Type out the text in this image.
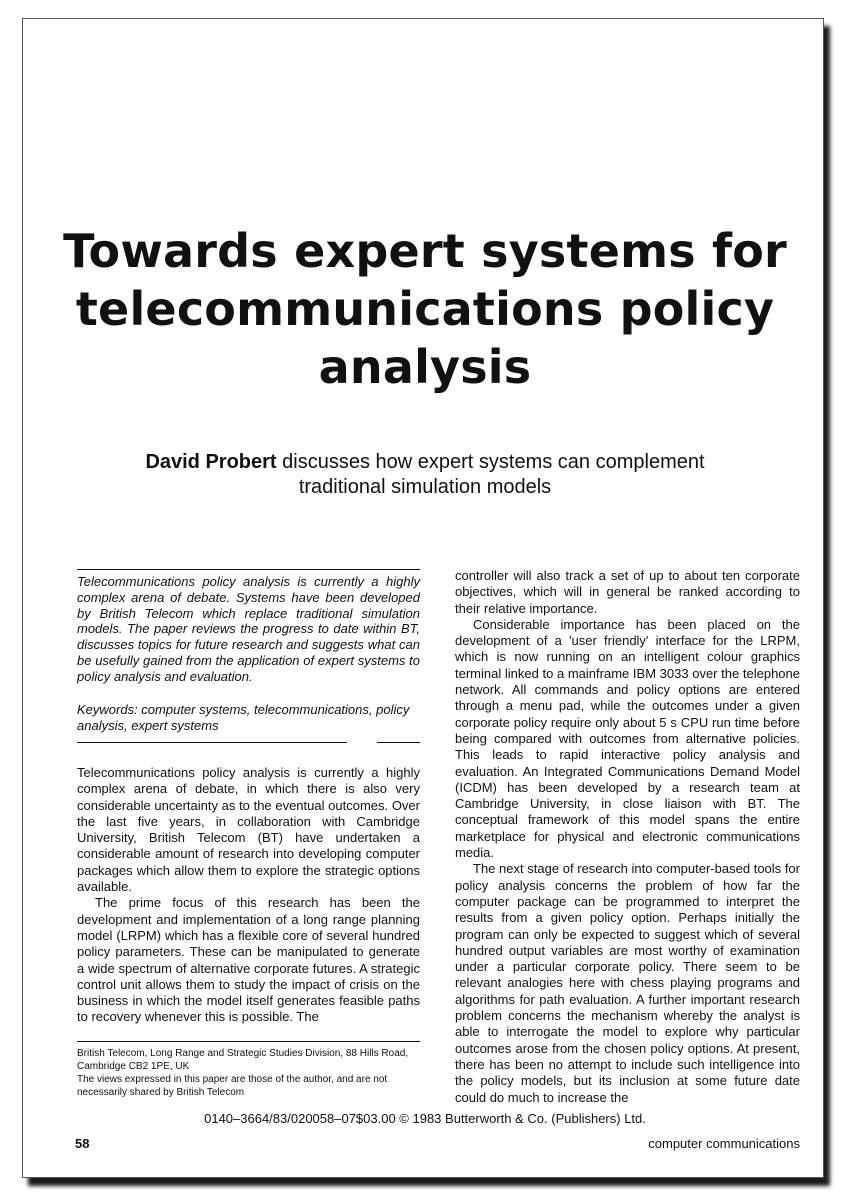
Towards expert systems for
telecommunications policy
analysis
David Probert discusses how expert systems can complement
traditional simulation models
Telecommunications policy analysis is currently a highly complex arena of debate. Systems have been developed by British Telecom which replace traditional simulation models. The paper reviews the progress to date within BT, discusses topics for future research and suggests what can be usefully gained from the application of expert systems to policy analysis and evaluation.
Keywords: computer systems, telecommunications, policy analysis, expert systems

Telecommunications policy analysis is currently a highly complex arena of debate, in which there is also very considerable uncertainty as to the eventual outcomes. Over the last five years, in collaboration with Cambridge University, British Telecom (BT) have undertaken a considerable amount of research into developing computer packages which allow them to explore the strategic options available.

The prime focus of this research has been the development and implementation of a long range planning model (LRPM) which has a flexible core of several hundred policy parameters. These can be manipulated to generate a wide spectrum of alternative corporate futures. A strategic control unit allows them to study the impact of crisis on the business in which the model itself generates feasible paths to recovery whenever this is possible. The

British Telecom, Long Range and Strategic Studies Division, 88 Hills Road, Cambridge CB2 1PE, UK
The views expressed in this paper are those of the author, and are not necessarily shared by British Telecom

controller will also track a set of up to about ten corporate objectives, which will in general be ranked according to their relative importance.

Considerable importance has been placed on the development of a 'user friendly' interface for the LRPM, which is now running on an intelligent colour graphics terminal linked to a mainframe IBM 3033 over the telephone network. All commands and policy options are entered through a menu pad, while the outcomes under a given corporate policy require only about 5 s CPU run time before being compared with outcomes from alternative policies. This leads to rapid interactive policy analysis and evaluation. An Integrated Communications Demand Model (ICDM) has been developed by a research team at Cambridge University, in close liaison with BT. The conceptual framework of this model spans the entire marketplace for physical and electronic communications media.

The next stage of research into computer-based tools for policy analysis concerns the problem of how far the computer package can be programmed to interpret the results from a given policy option. Perhaps initially the program can only be expected to suggest which of several hundred output variables are most worthy of examination under a particular corporate policy. There seem to be relevant analogies here with chess playing programs and algorithms for path evaluation. A further important research problem concerns the mechanism whereby the analyst is able to interrogate the model to explore why particular outcomes arose from the chosen policy options. At present, there has been no attempt to include such intelligence into the policy models, but its inclusion at some future date could do much to increase the

0140–3664/83/020058–07$03.00 © 1983 Butterworth & Co. (Publishers) Ltd.
58	computer communications
